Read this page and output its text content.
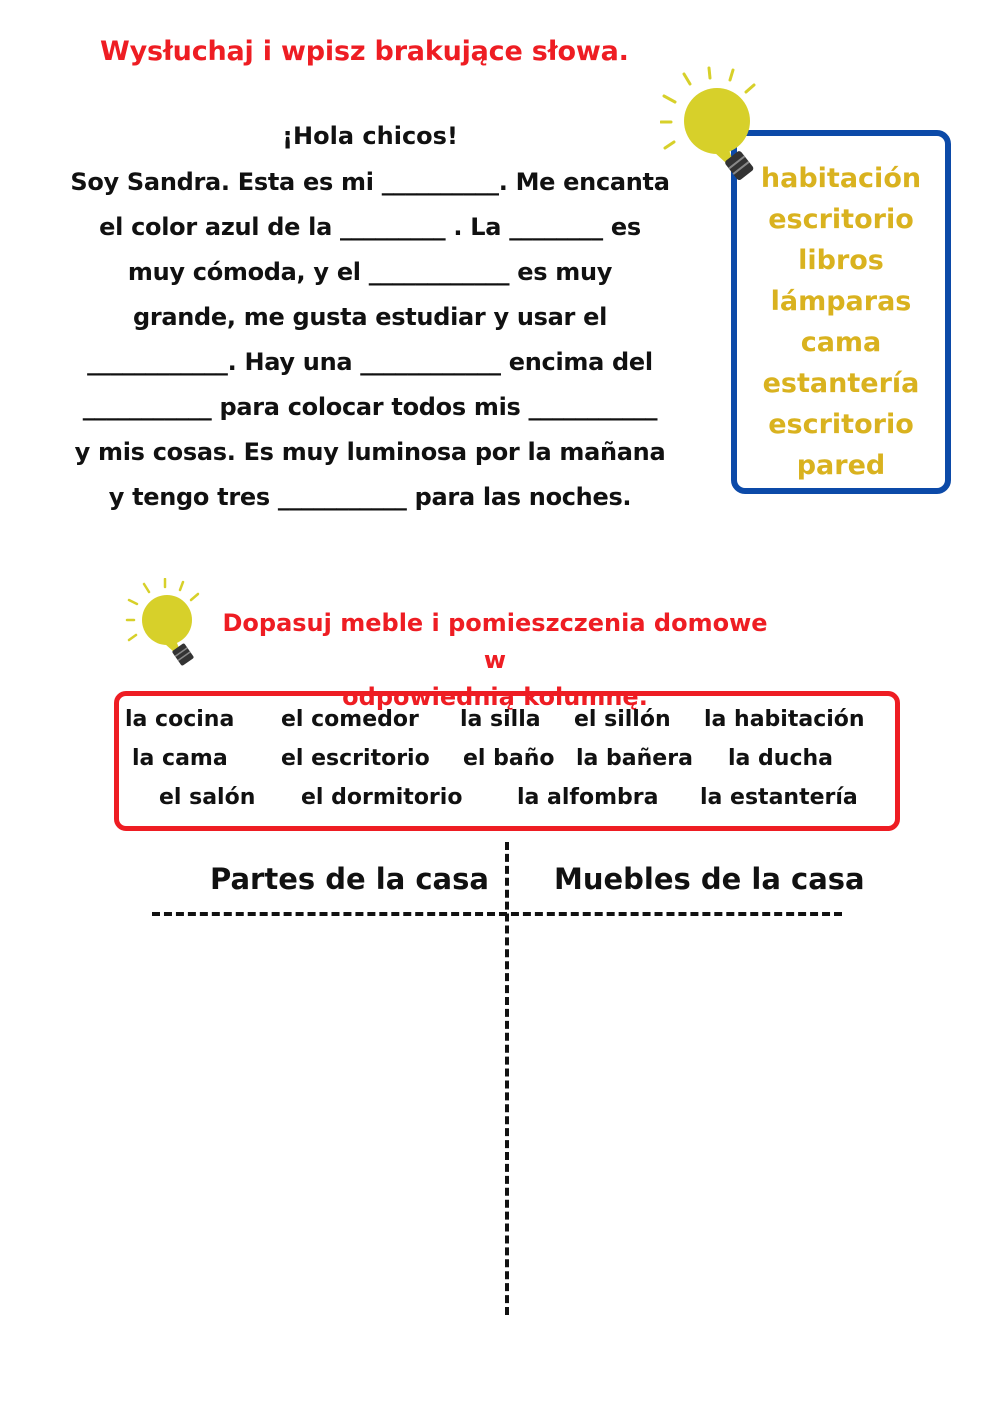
Wysłuchaj i wpisz brakujące słowa.
¡Hola chicos!
Soy Sandra. Esta es mi __________. Me encanta
el color azul de la _________ . La ________ es
muy cómoda, y el ____________ es muy
grande, me gusta estudiar y usar el
____________. Hay una ____________ encima del
___________ para colocar todos mis ___________
y mis cosas. Es muy luminosa por la mañana
y tengo tres ___________ para las noches.
habitación
escritorio
libros
lámparas
cama
estantería
escritorio
pared
Dopasuj meble i pomieszczenia domowe w
odpowiednią kolumnę.
la cocina el comedor la silla el sillón la habitación
la cama el escritorio el baño la bañera la ducha
el salón el dormitorio la alfombra la estantería
Partes de la casa Muebles de la casa
